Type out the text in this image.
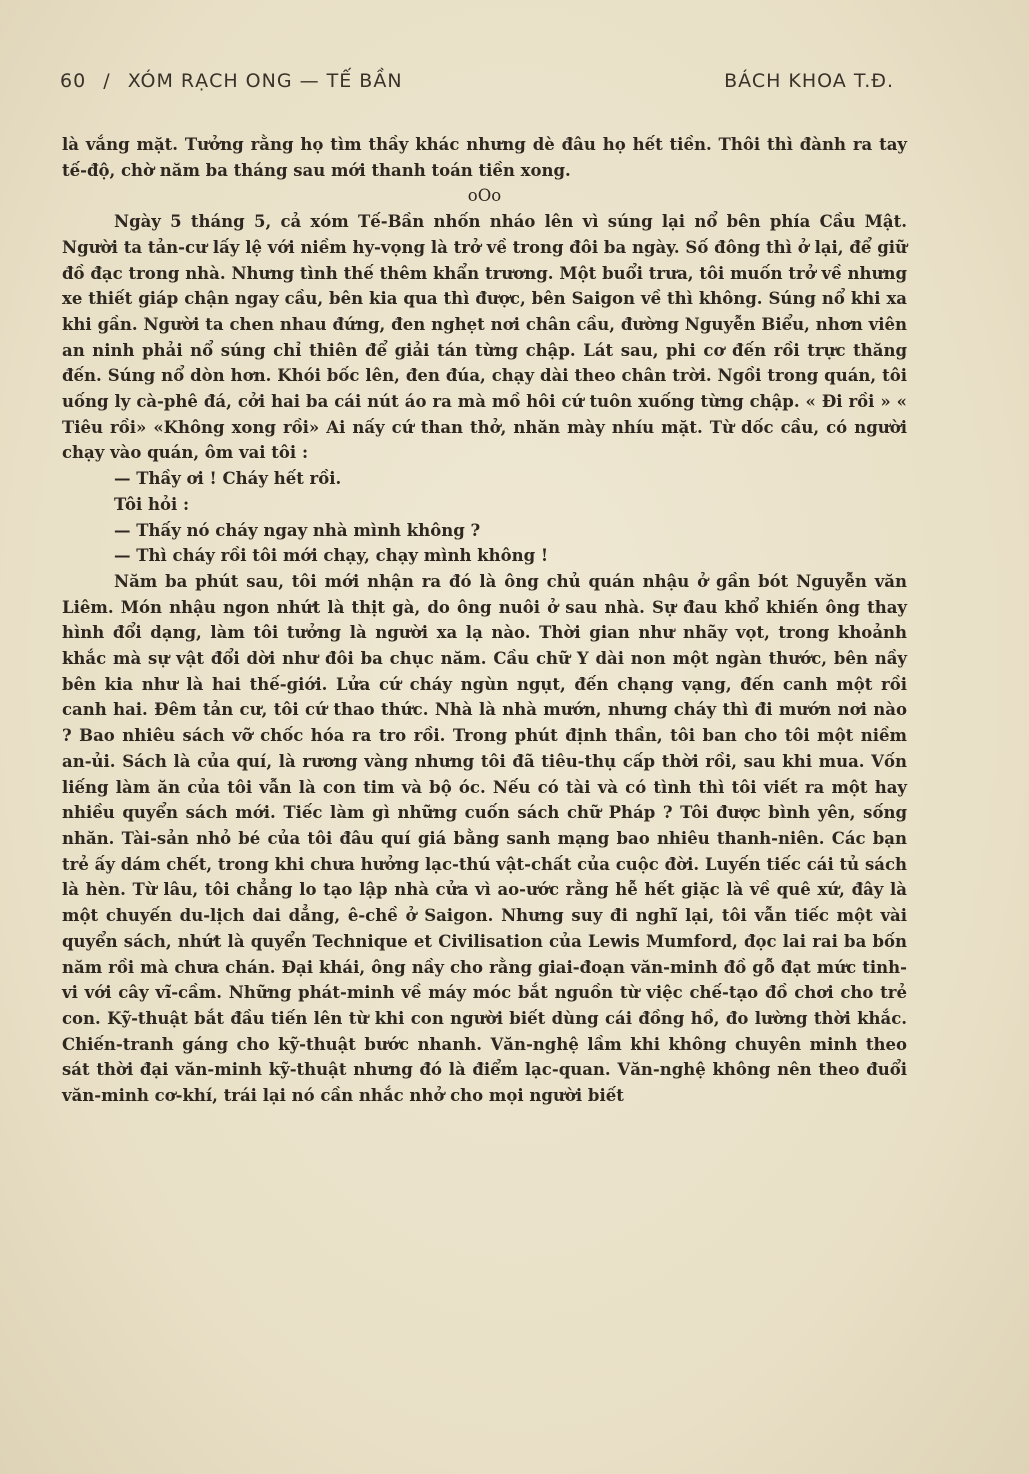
60 / XÓM RẠCH ONG — TẾ BẦN	BÁCH KHOA T.Đ.

là vắng mặt. Tưởng rằng họ tìm thầy khác nhưng dè đâu họ hết tiền. Thôi thì đành ra tay tế-độ, chờ năm ba tháng sau mới thanh toán tiền xong.

oOo

Ngày 5 tháng 5, cả xóm Tế-Bần nhốn nháo lên vì súng lại nổ bên phía Cầu Mật. Người ta tản-cư lấy lệ với niềm hy-vọng là trở về trong đôi ba ngày. Số đông thì ở lại, để giữ đồ đạc trong nhà. Nhưng tình thế thêm khẩn trương. Một buổi trưa, tôi muốn trở về nhưng xe thiết giáp chận ngay cầu, bên kia qua thì được, bên Saigon về thì không. Súng nổ khi xa khi gần. Người ta chen nhau đứng, đen nghẹt nơi chân cầu, đường Nguyễn Biểu, nhơn viên an ninh phải nổ súng chỉ thiên để giải tán từng chập. Lát sau, phi cơ đến rồi trực thăng đến. Súng nổ dòn hơn. Khói bốc lên, đen đúa, chạy dài theo chân trời. Ngồi trong quán, tôi uống ly cà-phê đá, cởi hai ba cái nút áo ra mà mồ hôi cứ tuôn xuống từng chập. « Đi rồi » « Tiêu rồi» «Không xong rồi» Ai nấy cứ than thở, nhăn mày nhíu mặt. Từ dốc cầu, có người chạy vào quán, ôm vai tôi :

— Thầy ơi ! Cháy hết rồi.

Tôi hỏi :

— Thấy nó cháy ngay nhà mình không ?

— Thì cháy rồi tôi mới chạy, chạy mình không !

Năm ba phút sau, tôi mới nhận ra đó là ông chủ quán nhậu ở gần bót Nguyễn văn Liêm. Món nhậu ngon nhứt là thịt gà, do ông nuôi ở sau nhà. Sự đau khổ khiến ông thay hình đổi dạng, làm tôi tưởng là người xa lạ nào. Thời gian như nhãy vọt, trong khoảnh khắc mà sự vật đổi dời như đôi ba chục năm. Cầu chữ Y dài non một ngàn thước, bên nầy bên kia như là hai thế-giới. Lửa cứ cháy ngùn ngụt, đến chạng vạng, đến canh một rồi canh hai. Đêm tản cư, tôi cứ thao thức. Nhà là nhà mướn, nhưng cháy thì đi mướn nơi nào ? Bao nhiêu sách vỡ chốc hóa ra tro rồi. Trong phút định thần, tôi ban cho tôi một niềm an-ủi. Sách là của quí, là rương vàng nhưng tôi đã tiêu-thụ cấp thời rồi, sau khi mua. Vốn liếng làm ăn của tôi vẫn là con tim và bộ óc. Nếu có tài và có tình thì tôi viết ra một hay nhiều quyển sách mới. Tiếc làm gì những cuốn sách chữ Pháp ? Tôi được bình yên, sống nhăn. Tài-sản nhỏ bé của tôi đâu quí giá bằng sanh mạng bao nhiêu thanh-niên. Các bạn trẻ ấy dám chết, trong khi chưa hưởng lạc-thú vật-chất của cuộc đời. Luyến tiếc cái tủ sách là hèn. Từ lâu, tôi chẳng lo tạo lập nhà cửa vì ao-ước rằng hễ hết giặc là về quê xứ, đây là một chuyến du-lịch dai dẳng, ê-chề ở Saigon. Nhưng suy đi nghĩ lại, tôi vẫn tiếc một vài quyển sách, nhứt là quyển Technique et Civilisation của Lewis Mumford, đọc lai rai ba bốn năm rồi mà chưa chán. Đại khái, ông nầy cho rằng giai-đoạn văn-minh đồ gỗ đạt mức tinh-vi với cây vĩ-cầm. Những phát-minh về máy móc bắt nguồn từ việc chế-tạo đồ chơi cho trẻ con. Kỹ-thuật bắt đầu tiến lên từ khi con người biết dùng cái đồng hồ, đo lường thời khắc. Chiến-tranh gáng cho kỹ-thuật bước nhanh. Văn-nghệ lầm khi không chuyên minh theo sát thời đại văn-minh kỹ-thuật nhưng đó là điểm lạc-quan. Văn-nghệ không nên theo đuổi văn-minh cơ-khí, trái lại nó cần nhắc nhở cho mọi người biết
